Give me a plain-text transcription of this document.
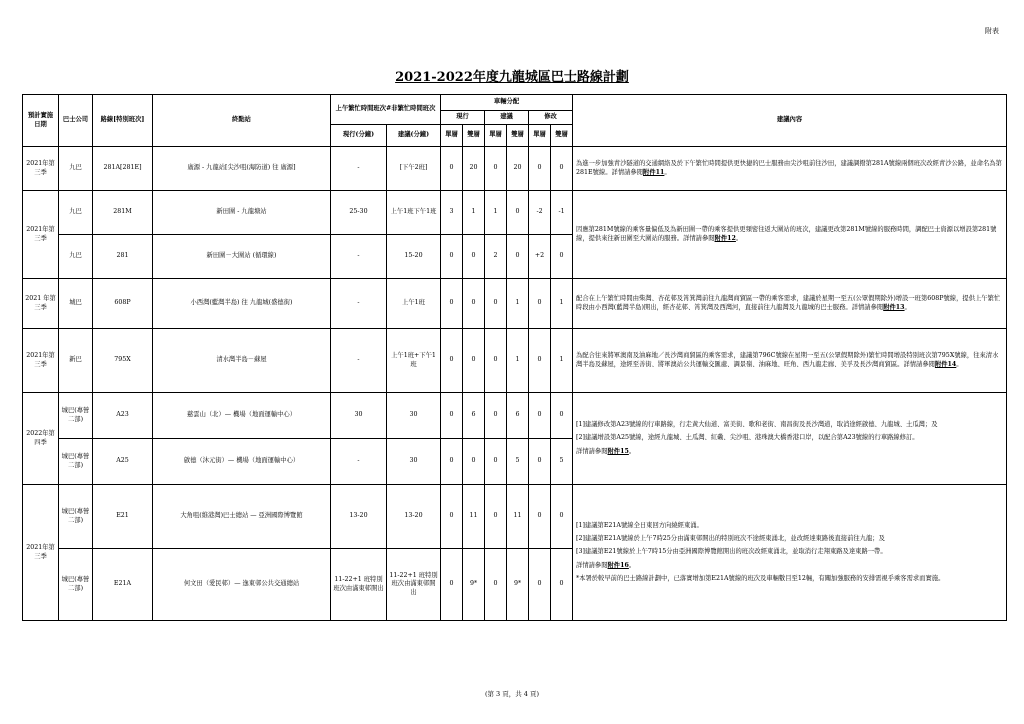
附表
2021-2022年度九龍城區巴士路線計劃
預計實施日期	巴士公司	路線[特別班次]	終點站	上午繁忙時間班次#非繁忙時間班次		車輛分配						建議內容
						現行		建議		修改		
				現行(分鐘)	建議(分鐘)	單層	雙層	單層	雙層	單層	雙層	
2021年第三季	九巴	281A[281E]	廣源 - 九龍站[尖沙咀(海防道) 往 廣源]	-	[下午2班]	0	20	0	20	0	0	為進一步加強青沙隧道的交通網絡及於下午繁忙時間提供更快捷的巴士服務由尖沙咀前往沙田，建議調撥第281A號線兩個班次改經青沙公路，並命名為第281E號線。詳情請參閱附件11。
2021年第三季	九巴	281M	新田圍 - 九龍塘站	25-30	上午1班下午1班	3	1	1	0	-2	-1	因應第281M號線的乘客量偏低及為新田圍一帶的乘客提供更頻密往返大圍站的班次，建議更改第281M號線的服務時間，調配巴士資源以增設第281號線，提供來往新田圍至大圍站的服務。詳情請參閱附件12。
	九巴	281	新田圍－大圍站 (循環線)	-	15-20	0	0	2	0	+2	0	
2021 年第三季	城巴	608P	小西灣(藍灣半島) 往 九龍城(盛德街)	-	上午1班	0	0	0	1	0	1	配合在上午繁忙時間由柴灣、杏花邨及筲箕灣前往九龍灣商貿區一帶的乘客需求，建議於星期一至五(公眾假期除外)增設一班第608P號線，提供上午繁忙時段由小西灣(藍灣半島)開出，經杏花邨、筲箕灣及西灣河，直接前往九龍灣及九龍城的巴士服務。詳情請參閱附件13。
2021年第三季	新巴	795X	清水灣半島－蘇屋	-	上午1班+下午1班	0	0	0	1	0	1	為配合往來將軍澳南及油麻地／長沙灣商貿區的乘客需求，建議第796C號線在星期一至五(公眾假期除外)繁忙時間增設特別班次第795X號線，往來清水灣半島及蘇屋，途經至善街、將軍澳站公共運輸交匯處、調景嶺、油麻地、旺角、西九龍走廊、美孚及長沙灣商貿區。詳情請參閱附件14。
2022年第四季	城巴(專營二部)	A23	慈雲山（北）— 機場（地面運輸中心）	30	30	0	6	0	6	0	0	[1]建議修改第A23號線的行車路線，行走黃大仙道、富美街、歌和老街、南昌街及長沙灣道，取消途經啟德、九龍城、土瓜灣；及

[2]建議增設第A25號線，途經九龍城、土瓜灣、紅磡、尖沙咀、港珠澳大橋香港口岸，以配合第A23號線的行車路線修訂。

詳情請參閱附件15。

	城巴(專營二部)	A25	啟德（沐元街）— 機場（地面運輸中心）	-	30	0	0	0	5	0	5	
2021年第三季	城巴(專營二部)	E21	大角咀(維港灣)巴士總站 — 亞洲國際博覽館	13-20	13-20	0	11	0	11	0	0	[1]建議第E21A號線全日東回方向繞經東涌。

[2]建議第E21A號線於上午7時25分由滿東邨開出的特別班次不途經東涌北，並改經達東路後直接前往九龍；及

[3]建議第E21號線於上午7時15分由亞洲國際博覽館開出的班次改經東涌北，並取消行走翔東路及達東路一帶。

詳情請參閱附件16。

*本署於較早前的巴士路線計劃中，已落實增加第E21A號線的班次及車輛數目至12輛，有關加強服務的安排需視乎乘客需求而實施。

	城巴(專營二部)	E21A	何文田（愛民邨）— 逸東邨公共交通總站	11-22+1 班特別班次由滿東邨開出	11-22+1 班特別班次由滿東邨開出	0	9*	0	9*	0	0	
(第 3 頁，共 4 頁)
